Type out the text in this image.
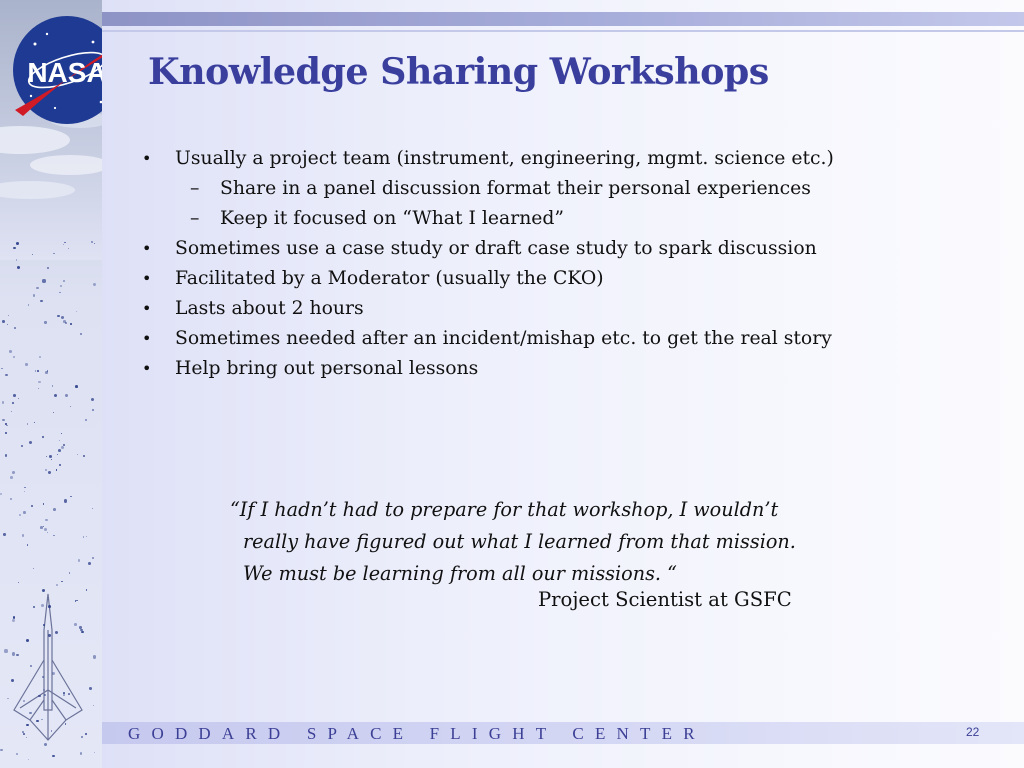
NASA Knowledge Sharing Workshops
• Usually a project team (instrument, engineering, mgmt. science etc.)
– Share in a panel discussion format their personal experiences
– Keep it focused on “What I learned”
• Sometimes use a case study or draft case study to spark discussion
• Facilitated by a Moderator (usually the CKO)
• Lasts about 2 hours
• Sometimes needed after an incident/mishap etc. to get the real story
• Help bring out personal lessons
“If I hadn’t had to prepare for that workshop, I wouldn’t
really have figured out what I learned from that mission.
We must be learning from all our missions. “
Project Scientist at GSFC
GODDARD SPACE FLIGHT CENTER	22
